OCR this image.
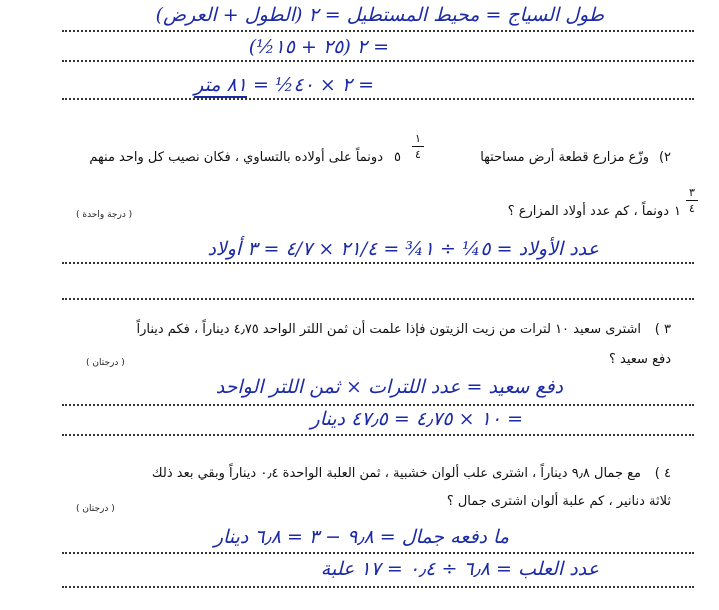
طول السياج = محيط المستطيل = ٢ (الطول + العرض)
= ٢ (٢٥ + ١٥½)
= ٢ × ٤٠½ = ٨١ متر
٢)
وزّع مزارع قطعة أرض مساحتها
١
٤
٥
دونماً على أولاده بالتساوي ، فكان نصيب كل واحد منهم
٣
٤
١
دونماً ، كم عدد أولاد المزارع ؟
( درجة واحدة )
عدد الأولاد = ٥¼ ÷ ١¾ = ٢١/٤ × ٤/٧ = ٣ أولاد
٣ )
اشترى سعيد ١٠ لترات من زيت الزيتون فإذا علمت أن ثمن اللتر الواحد ٤٫٧٥ ديناراً ، فكم ديناراً
دفع سعيد ؟
( درجتان )
دفع سعيد = عدد اللترات × ثمن اللتر الواحد
= ١٠ × ٤٫٧٥ = ٤٧٫٥ دينار
٤ )
مع جمال ٩٫٨ ديناراً ، اشترى علب ألوان خشبية ، ثمن العلبة الواحدة ٠٫٤ ديناراً وبقي بعد ذلك
ثلاثة دنانير ، كم علبة ألوان اشترى جمال ؟
( درجتان )
ما دفعه جمال = ٩٫٨ − ٣ = ٦٫٨ دينار
عدد العلب = ٦٫٨ ÷ ٠٫٤ = ١٧ علبة
